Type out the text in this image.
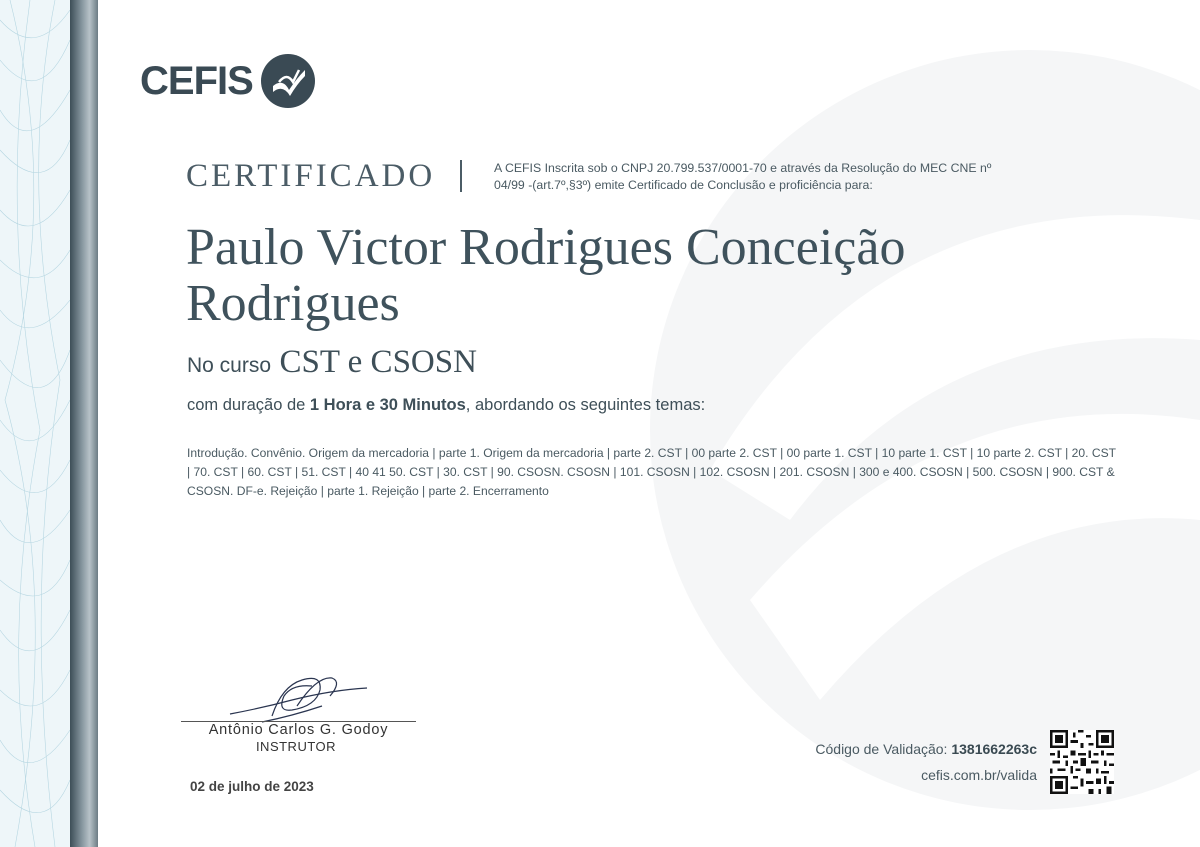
CEFIS
CERTIFICADO	A CEFIS Inscrita sob o CNPJ 20.799.537/0001-70 e através da Resolução do MEC CNE nº 04/99 -(art.7º,§3º) emite Certificado de Conclusão e proficiência para:
Paulo Victor Rodrigues Conceição Rodrigues
No curso CST e CSOSN
com duração de 1 Hora e 30 Minutos, abordando os seguintes temas:
Introdução. Convênio. Origem da mercadoria | parte 1. Origem da mercadoria | parte 2. CST | 00 parte 2. CST | 00 parte 1. CST | 10 parte 1. CST | 10 parte 2. CST | 20. CST | 70. CST | 60. CST | 51. CST | 40 41 50. CST | 30. CST | 90. CSOSN. CSOSN | 101. CSOSN | 102. CSOSN | 201. CSOSN | 300 e 400. CSOSN | 500. CSOSN | 900. CST & CSOSN. DF-e. Rejeição | parte 1. Rejeição | parte 2. Encerramento
Antônio Carlos G. Godoy
INSTRUTOR
02 de julho de 2023
Código de Validação: 1381662263c
cefis.com.br/valida
